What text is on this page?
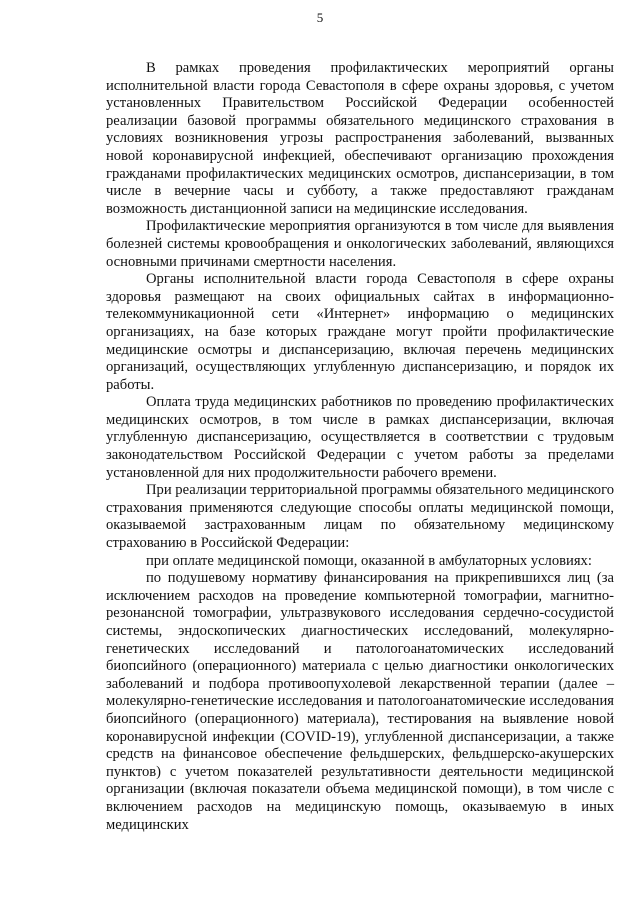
5

В рамках проведения профилактических мероприятий органы исполнительной власти города Севастополя в сфере охраны здоровья, с учетом установленных Правительством Российской Федерации особенностей реализации базовой программы обязательного медицинского страхования в условиях возникновения угрозы распространения заболеваний, вызванных новой коронавирусной инфекцией, обеспечивают организацию прохождения гражданами профилактических медицинских осмотров, диспансеризации, в том числе в вечерние часы и субботу, а также предоставляют гражданам возможность дистанционной записи на медицинские исследования.

Профилактические мероприятия организуются в том числе для выявления болезней системы кровообращения и онкологических заболеваний, являющихся основными причинами смертности населения.

Органы исполнительной власти города Севастополя в сфере охраны здоровья размещают на своих официальных сайтах в информационно-телекоммуникационной сети «Интернет» информацию о медицинских организациях, на базе которых граждане могут пройти профилактические медицинские осмотры и диспансеризацию, включая перечень медицинских организаций, осуществляющих углубленную диспансеризацию, и порядок их работы.

Оплата труда медицинских работников по проведению профилактических медицинских осмотров, в том числе в рамках диспансеризации, включая углубленную диспансеризацию, осуществляется в соответствии с трудовым законодательством Российской Федерации с учетом работы за пределами установленной для них продолжительности рабочего времени.

При реализации территориальной программы обязательного медицинского страхования применяются следующие способы оплаты медицинской помощи, оказываемой застрахованным лицам по обязательному медицинскому страхованию в Российской Федерации:

при оплате медицинской помощи, оказанной в амбулаторных условиях:

по подушевому нормативу финансирования на прикрепившихся лиц (за исключением расходов на проведение компьютерной томографии, магнитно-резонансной томографии, ультразвукового исследования сердечно-сосудистой системы, эндоскопических диагностических исследований, молекулярно-генетических исследований и патологоанатомических исследований биопсийного (операционного) материала с целью диагностики онкологических заболеваний и подбора противоопухолевой лекарственной терапии (далее – молекулярно-генетические исследования и патологоанатомические исследования биопсийного (операционного) материала), тестирования на выявление новой коронавирусной инфекции (COVID-19), углубленной диспансеризации, а также средств на финансовое обеспечение фельдшерских, фельдшерско-акушерских пунктов) с учетом показателей результативности деятельности медицинской организации (включая показатели объема медицинской помощи), в том числе с включением расходов на медицинскую помощь, оказываемую в иных медицинских
